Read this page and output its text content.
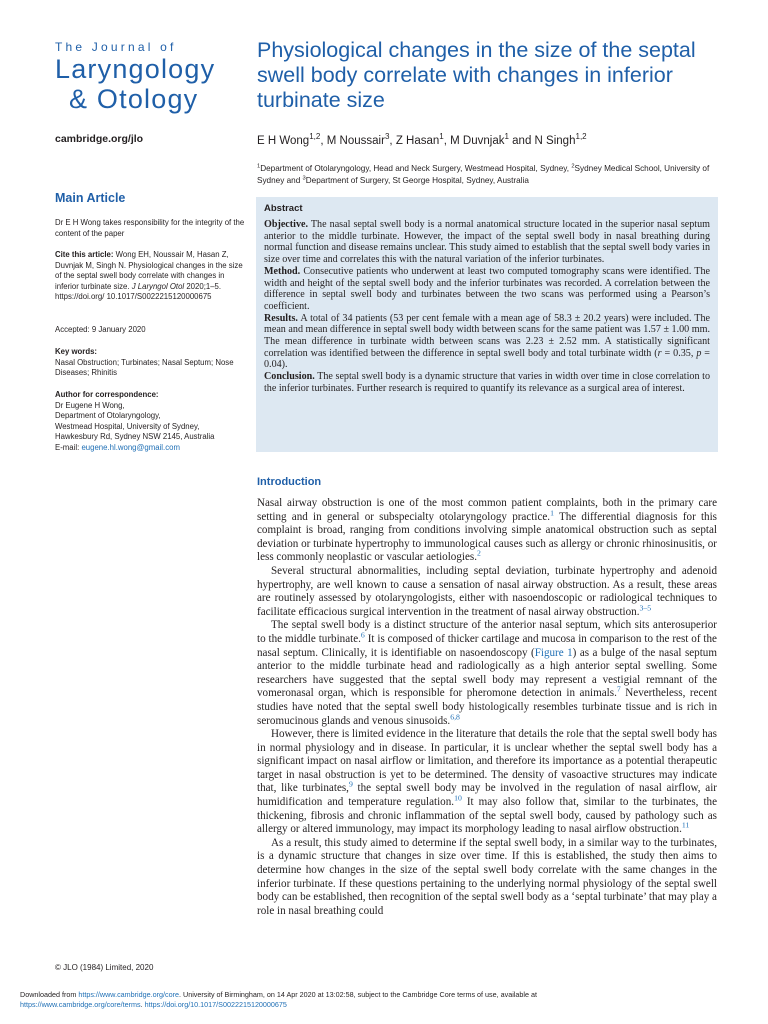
The Journal of
Laryngology
& Otology
cambridge.org/jlo
Physiological changes in the size of the septal swell body correlate with changes in inferior turbinate size
E H Wong$^{1,2}$, M Noussair$^3$, Z Hasan$^1$, M Duvnjak$^1$ and N Singh$^{1,2}$
$^1$Department of Otolaryngology, Head and Neck Surgery, Westmead Hospital, Sydney, $^2$Sydney Medical School, University of Sydney and $^3$Department of Surgery, St George Hospital, Sydney, Australia
Main Article
Dr E H Wong takes responsibility for the integrity of the content of the paper
Cite this article: Wong EH, Noussair M, Hasan Z, Duvnjak M, Singh N. Physiological changes in the size of the septal swell body correlate with changes in inferior turbinate size. J Laryngol Otol 2020;1–5. https://doi.org/ 10.1017/S0022215120000675
Accepted: 9 January 2020
Key words:
Nasal Obstruction; Turbinates; Nasal Septum; Nose Diseases; Rhinitis
Author for correspondence:
Dr Eugene H Wong,
Department of Otolaryngology,
Westmead Hospital, University of Sydney,
Hawkesbury Rd, Sydney NSW 2145, Australia
E-mail: eugene.hl.wong@gmail.com
© JLO (1984) Limited, 2020
Abstract
Objective. The nasal septal swell body is a normal anatomical structure located in the superior nasal septum anterior to the middle turbinate. However, the impact of the septal swell body in nasal breathing during normal function and disease remains unclear. This study aimed to establish that the septal swell body varies in size over time and correlates this with the natural variation of the inferior turbinates.
Method. Consecutive patients who underwent at least two computed tomography scans were identified. The width and height of the septal swell body and the inferior turbinates was recorded. A correlation between the difference in septal swell body and turbinates between the two scans was performed using a Pearson’s coefficient.
Results. A total of 34 patients (53 per cent female with a mean age of 58.3 ± 20.2 years) were included. The mean and mean difference in septal swell body width between scans for the same patient was 1.57 ± 1.00 mm. The mean difference in turbinate width between scans was 2.23 ± 2.52 mm. A statistically significant correlation was identified between the difference in septal swell body and total turbinate width (r = 0.35, p = 0.04).
Conclusion. The septal swell body is a dynamic structure that varies in width over time in close correlation to the inferior turbinates. Further research is required to quantify its relevance as a surgical area of interest.
Introduction

Nasal airway obstruction is one of the most common patient complaints, both in the primary care setting and in general or subspecialty otolaryngology practice.$^1$ The differential diagnosis for this complaint is broad, ranging from conditions involving simple anatomical obstruction such as septal deviation or turbinate hypertrophy to immunological causes such as allergy or chronic rhinosinusitis, or less commonly neoplastic or vascular aetiologies.$^2$

Several structural abnormalities, including septal deviation, turbinate hypertrophy and adenoid hypertrophy, are well known to cause a sensation of nasal airway obstruction. As a result, these areas are routinely assessed by otolaryngologists, either with nasoendoscopic or radiological techniques to facilitate efficacious surgical intervention in the treatment of nasal airway obstruction.$^{3-5}$

The septal swell body is a distinct structure of the anterior nasal septum, which sits anterosuperior to the middle turbinate.$^6$ It is composed of thicker cartilage and mucosa in comparison to the rest of the nasal septum. Clinically, it is identifiable on nasoendoscopy (Figure 1) as a bulge of the nasal septum anterior to the middle turbinate head and radiologically as a high anterior septal swelling. Some researchers have suggested that the septal swell body may represent a vestigial remnant of the vomeronasal organ, which is responsible for pheromone detection in animals.$^7$ Nevertheless, recent studies have noted that the septal swell body histologically resembles turbinate tissue and is rich in seromucinous glands and venous sinusoids.$^{6,8}$

However, there is limited evidence in the literature that details the role that the septal swell body has in normal physiology and in disease. In particular, it is unclear whether the septal swell body has a significant impact on nasal airflow or limitation, and therefore its importance as a potential therapeutic target in nasal obstruction is yet to be determined. The density of vasoactive structures may indicate that, like turbinates,$^9$ the septal swell body may be involved in the regulation of nasal airflow, air humidification and temperature regulation.$^{10}$ It may also follow that, similar to the turbinates, the thickening, fibrosis and chronic inflammation of the septal swell body, caused by pathology such as allergy or altered immunology, may impact its morphology leading to nasal airflow obstruction.$^{11}$

As a result, this study aimed to determine if the septal swell body, in a similar way to the turbinates, is a dynamic structure that changes in size over time. If this is established, the study then aims to determine how changes in the size of the septal swell body correlate with the same changes in the inferior turbinate. If these questions pertaining to the underlying normal physiology of the septal swell body can be established, then recognition of the septal swell body as a ‘septal turbinate’ that may play a role in nasal breathing could

Downloaded from https://www.cambridge.org/core. University of Birmingham, on 14 Apr 2020 at 13:02:58, subject to the Cambridge Core terms of use, available at
https://www.cambridge.org/core/terms. https://doi.org/10.1017/S0022215120000675
